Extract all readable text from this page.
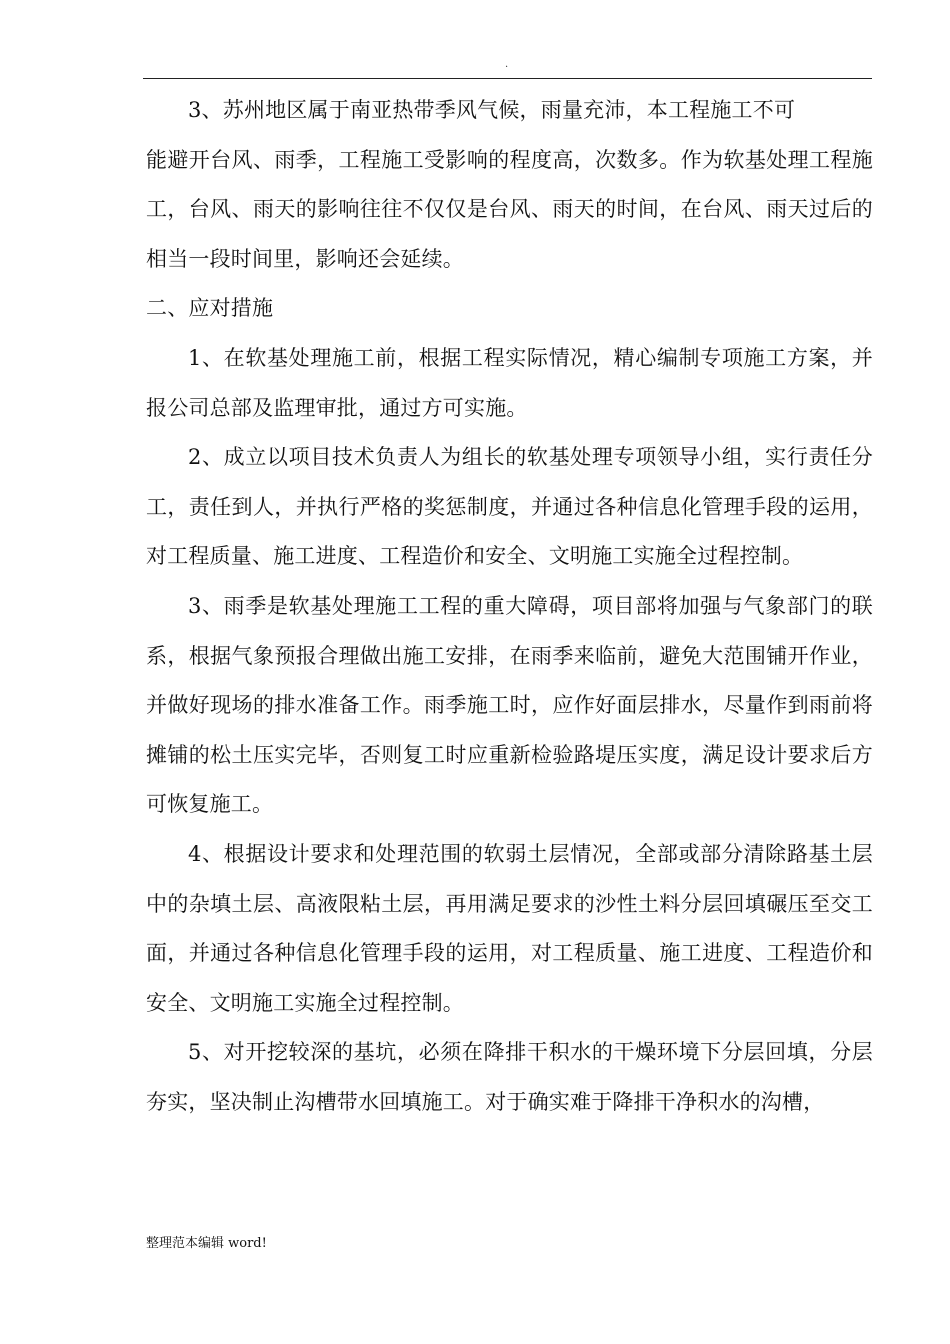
.

3、苏州地区属于南亚热带季风气候，雨量充沛，本工程施工不可

能避开台风、雨季，工程施工受影响的程度高，次数多。作为软基处理工程施工，台风、雨天的影响往往不仅仅是台风、雨天的时间，在台风、雨天过后的相当一段时间里，影响还会延续。

二、应对措施

1、在软基处理施工前，根据工程实际情况，精心编制专项施工方案，并报公司总部及监理审批，通过方可实施。

2、成立以项目技术负责人为组长的软基处理专项领导小组，实行责任分工，责任到人，并执行严格的奖惩制度，并通过各种信息化管理手段的运用，对工程质量、施工进度、工程造价和安全、文明施工实施全过程控制。

3、雨季是软基处理施工工程的重大障碍，项目部将加强与气象部门的联系，根据气象预报合理做出施工安排，在雨季来临前，避免大范围铺开作业，并做好现场的排水准备工作。雨季施工时，应作好面层排水，尽量作到雨前将摊铺的松土压实完毕，否则复工时应重新检验路堤压实度，满足设计要求后方可恢复施工。

4、根据设计要求和处理范围的软弱土层情况，全部或部分清除路基土层中的杂填土层、高液限粘土层，再用满足要求的沙性土料分层回填碾压至交工面，并通过各种信息化管理手段的运用，对工程质量、施工进度、工程造价和安全、文明施工实施全过程控制。

5、对开挖较深的基坑，必须在降排干积水的干燥环境下分层回填，分层夯实，坚决制止沟槽带水回填施工。对于确实难于降排干净积水的沟槽，

整理范本编辑 word!
